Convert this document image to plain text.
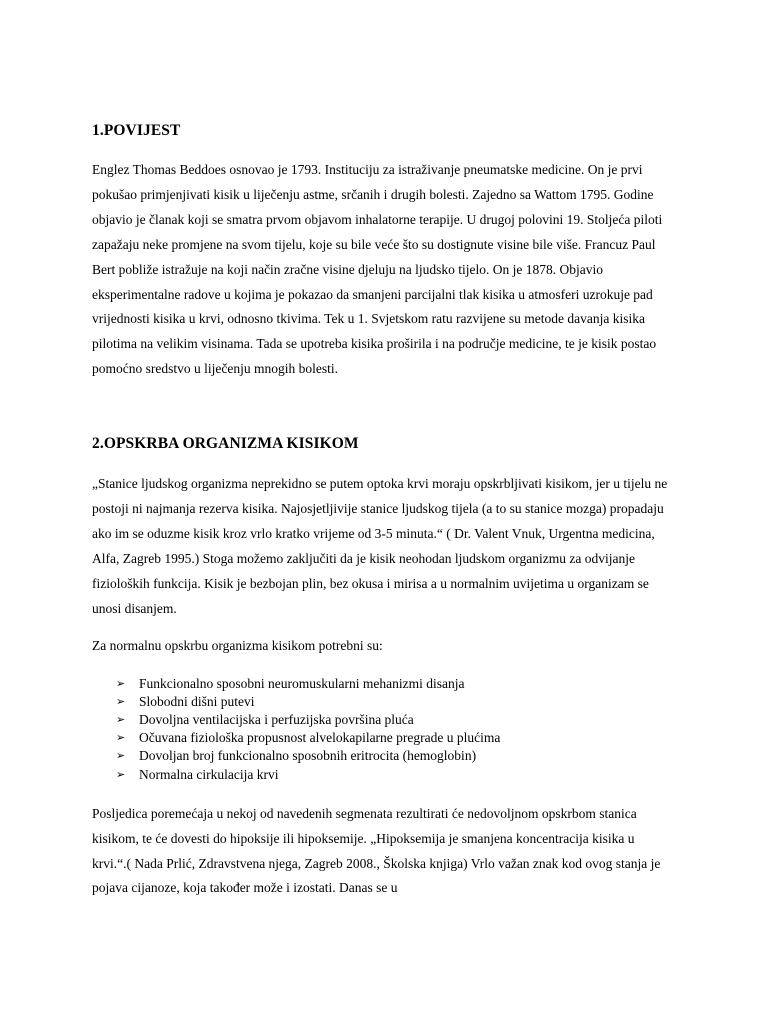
1.POVIJEST

Englez Thomas Beddoes osnovao je 1793. Instituciju za istraživanje pneumatske medicine. On je prvi pokušao primjenjivati kisik u liječenju astme, srčanih i drugih bolesti. Zajedno sa Wattom 1795. Godine objavio je članak koji se smatra prvom objavom inhalatorne terapije. U drugoj polovini 19. Stoljeća piloti zapažaju neke promjene na svom tijelu, koje su bile veće što su dostignute visine bile više. Francuz Paul Bert pobliže istražuje na koji način zračne visine djeluju na ljudsko tijelo. On je 1878. Objavio eksperimentalne radove u kojima je pokazao da smanjeni parcijalni tlak kisika u atmosferi uzrokuje pad vrijednosti kisika u krvi, odnosno tkivima. Tek u 1. Svjetskom ratu razvijene su metode davanja kisika pilotima na velikim visinama. Tada se upotreba kisika proširila i na područje medicine, te je kisik postao pomoćno sredstvo u liječenju mnogih bolesti.

2.OPSKRBA ORGANIZMA KISIKOM

„Stanice ljudskog organizma neprekidno se putem optoka krvi moraju opskrbljivati kisikom, jer u tijelu ne postoji ni najmanja rezerva kisika. Najosjetljivije stanice ljudskog tijela (a to su stanice mozga) propadaju ako im se oduzme kisik kroz vrlo kratko vrijeme od 3-5 minuta.“ ( Dr. Valent Vnuk, Urgentna medicina, Alfa, Zagreb 1995.) Stoga možemo zaključiti da je kisik neohodan ljudskom organizmu za odvijanje fizioloških funkcija. Kisik je bezbojan plin, bez okusa i mirisa a u normalnim uvijetima u organizam se unosi disanjem.

Za normalnu opskrbu organizma kisikom potrebni su:

➢ Funkcionalno sposobni neuromuskularni mehanizmi disanja
➢ Slobodni dišni putevi
➢ Dovoljna ventilacijska i perfuzijska površina pluća
➢ Očuvana fiziološka propusnost alvelokapilarne pregrade u plućima
➢ Dovoljan broj funkcionalno sposobnih eritrocita (hemoglobin)
➢ Normalna cirkulacija krvi

Posljedica poremećaja u nekoj od navedenih segmenata rezultirati će nedovoljnom opskrbom stanica kisikom, te će dovesti do hipoksije ili hipoksemije. „Hipoksemija je smanjena koncentracija kisika u krvi.“.( Nada Prlić, Zdravstvena njega, Zagreb 2008., Školska knjiga) Vrlo važan znak kod ovog stanja je pojava cijanoze, koja također može i izostati. Danas se u
